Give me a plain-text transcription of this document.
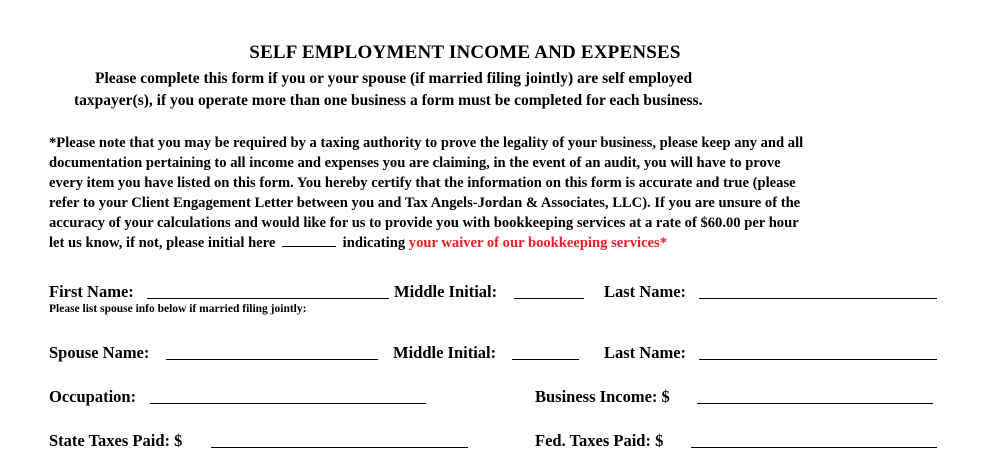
SELF EMPLOYMENT INCOME AND EXPENSES
Please complete this form if you or your spouse (if married filing jointly) are self employed
taxpayer(s), if you operate more than one business a form must be completed for each business.
*Please note that you may be required by a taxing authority to prove the legality of your business, please keep any and all
documentation pertaining to all income and expenses you are claiming, in the event of an audit, you will have to prove
every item you have listed on this form. You hereby certify that the information on this form is accurate and true (please
refer to your Client Engagement Letter between you and Tax Angels-Jordan & Associates, LLC). If you are unsure of the
accuracy of your calculations and would like for us to provide you with bookkeeping services at a rate of $60.00 per hour
let us know, if not, please initial here	indicating your waiver of our bookkeeping services*
First Name:	Middle Initial:	Last Name:
Please list spouse info below if married filing jointly:
Spouse Name:	Middle Initial:	Last Name:
Occupation:	Business Income: $
State Taxes Paid: $	Fed. Taxes Paid: $
